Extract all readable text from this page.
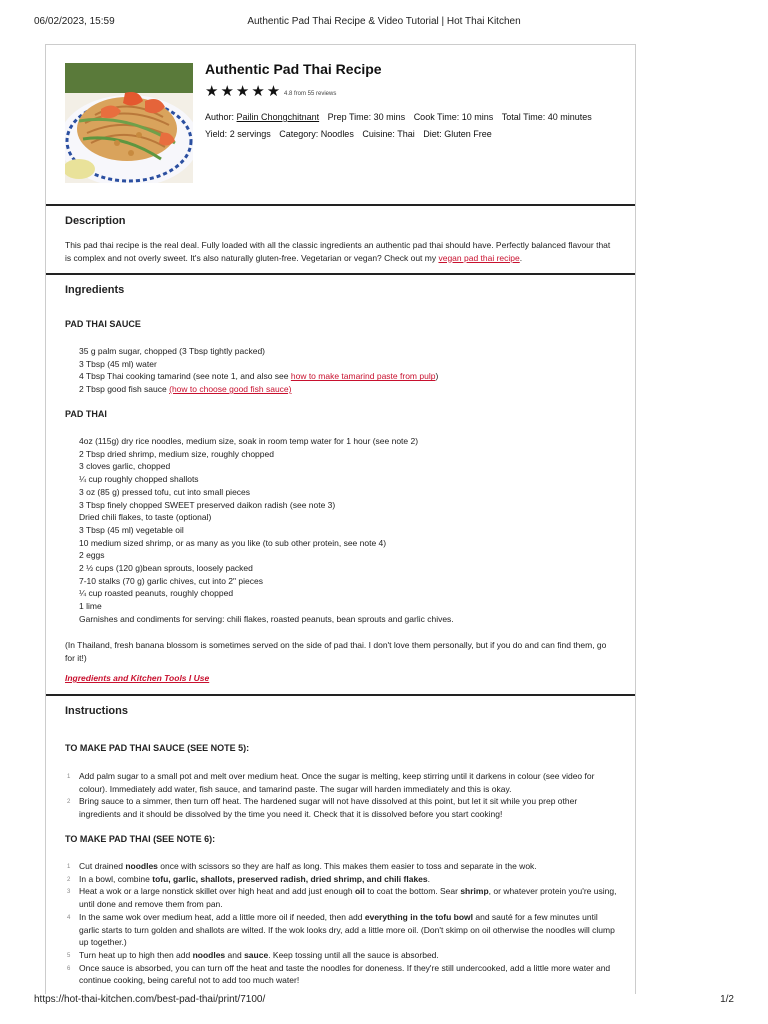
06/02/2023, 15:59	Authentic Pad Thai Recipe & Video Tutorial | Hot Thai Kitchen
Authentic Pad Thai Recipe
★★★★★ 4.8 from 55 reviews
Author: Pailin Chongchitnant Prep Time: 30 mins Cook Time: 10 mins Total Time: 40 minutes
Yield: 2 servings Category: Noodles Cuisine: Thai Diet: Gluten Free
Description
This pad thai recipe is the real deal. Fully loaded with all the classic ingredients an authentic pad thai should have. Perfectly balanced flavour that is complex and not overly sweet. It's also naturally gluten-free. Vegetarian or vegan? Check out my vegan pad thai recipe.
Ingredients
PAD THAI SAUCE
35 g palm sugar, chopped (3 Tbsp tightly packed)
3 Tbsp (45 ml) water
4 Tbsp Thai cooking tamarind (see note 1, and also see how to make tamarind paste from pulp)
2 Tbsp good fish sauce (how to choose good fish sauce)
PAD THAI
4oz (115g) dry rice noodles, medium size, soak in room temp water for 1 hour (see note 2)
2 Tbsp dried shrimp, medium size, roughly chopped
3 cloves garlic, chopped
¼ cup roughly chopped shallots
3 oz (85 g) pressed tofu, cut into small pieces
3 Tbsp finely chopped SWEET preserved daikon radish (see note 3)
Dried chili flakes, to taste (optional)
3 Tbsp (45 ml) vegetable oil
10 medium sized shrimp, or as many as you like (to sub other protein, see note 4)
2 eggs
2 ½ cups (120 g)bean sprouts, loosely packed
7-10 stalks (70 g) garlic chives, cut into 2" pieces
¼ cup roasted peanuts, roughly chopped
1 lime
Garnishes and condiments for serving: chili flakes, roasted peanuts, bean sprouts and garlic chives.
(In Thailand, fresh banana blossom is sometimes served on the side of pad thai. I don't love them personally, but if you do and can find them, go for it!)
Ingredients and Kitchen Tools I Use
Instructions
TO MAKE PAD THAI SAUCE (SEE NOTE 5):
1 Add palm sugar to a small pot and melt over medium heat. Once the sugar is melting, keep stirring until it darkens in colour (see video for colour). Immediately add water, fish sauce, and tamarind paste. The sugar will harden immediately and this is okay.
2 Bring sauce to a simmer, then turn off heat. The hardened sugar will not have dissolved at this point, but let it sit while you prep other ingredients and it should be dissolved by the time you need it. Check that it is dissolved before you start cooking!
TO MAKE PAD THAI (SEE NOTE 6):
1 Cut drained noodles once with scissors so they are half as long. This makes them easier to toss and separate in the wok.
2 In a bowl, combine tofu, garlic, shallots, preserved radish, dried shrimp, and chili flakes.
3 Heat a wok or a large nonstick skillet over high heat and add just enough oil to coat the bottom. Sear shrimp, or whatever protein you're using, until done and remove them from pan.
4 In the same wok over medium heat, add a little more oil if needed, then add everything in the tofu bowl and sauté for a few minutes until garlic starts to turn golden and shallots are wilted. If the wok looks dry, add a little more oil. (Don't skimp on oil otherwise the noodles will clump up together.)
5 Turn heat up to high then add noodles and sauce. Keep tossing until all the sauce is absorbed.
6 Once sauce is absorbed, you can turn off the heat and taste the noodles for doneness. If they're still undercooked, add a little more water and continue cooking, being careful not to add too much water!
https://hot-thai-kitchen.com/best-pad-thai/print/7100/	1/2
